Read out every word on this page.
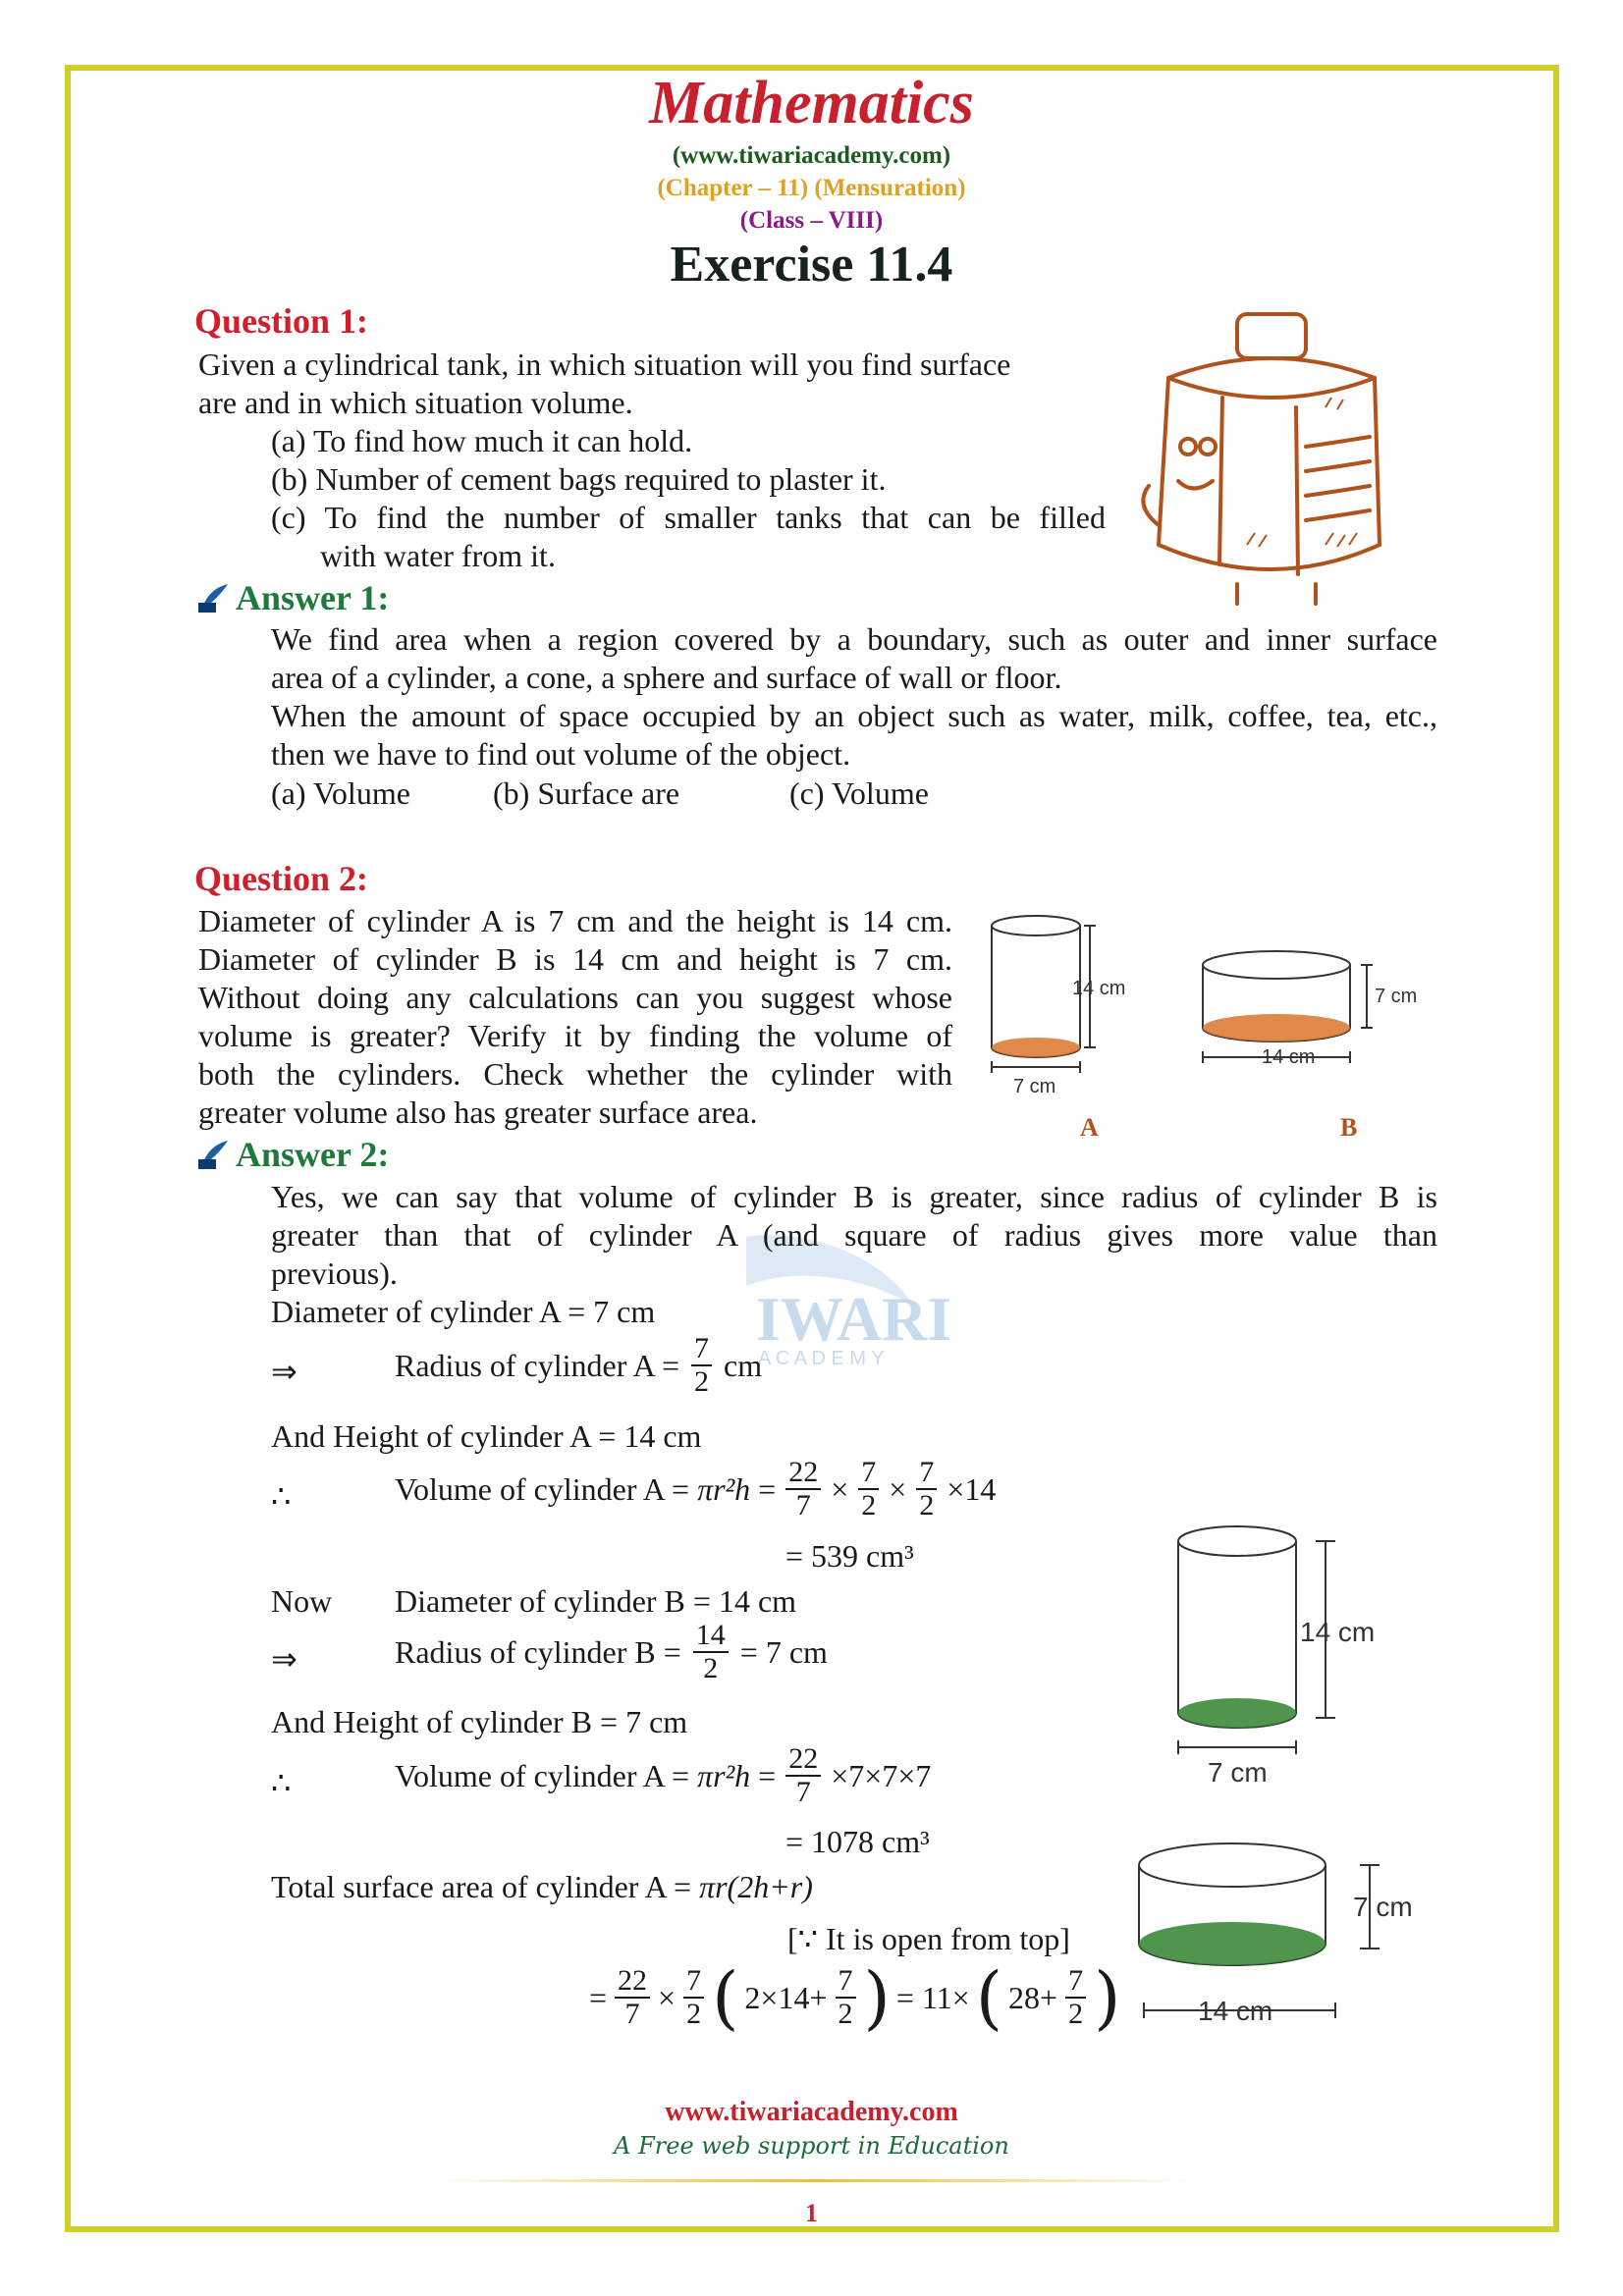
Mathematics
(www.tiwariacademy.com)
(Chapter – 11) (Mensuration)
(Class – VIII)
Exercise 11.4
IWARI
A C A D E M Y
Question 1:
Given a cylindrical tank, in which situation will you find surface
are and in which situation volume.
(a) To find how much it can hold.
(b) Number of cement bags required to plaster it.
(c) To find the number of smaller tanks that can be filled
with water from it.
Answer 1:
We find area when a region covered by a boundary, such as outer and inner surface
area of a cylinder, a cone, a sphere and surface of wall or floor.
When the amount of space occupied by an object such as water, milk, coffee, tea, etc.,
then we have to find out volume of the object.
(a) Volume	(b) Surface are	(c) Volume
Question 2:
Diameter of cylinder A is 7 cm and the height is 14 cm.
Diameter of cylinder B is 14 cm and height is 7 cm.
Without doing any calculations can you suggest whose
volume is greater? Verify it by finding the volume of
both the cylinders. Check whether the cylinder with
greater volume also has greater surface area.
14 cm
7 cm
7 cm
14 cm
A	B
Answer 2:
Yes, we can say that volume of cylinder B is greater, since radius of cylinder B is
greater than that of cylinder A (and square of radius gives more value than
previous).
Diameter of cylinder A = 7 cm
⇒	Radius of cylinder $A = \frac{7}{2}$ cm
And Height of cylinder A = 14 cm
∴	Volume of cylinder $A = \pi r^2h = \frac{22}{7} \times \frac{7}{2} \times \frac{7}{2} \times 14$
= 539 cm³
Now Diameter of cylinder B = 14 cm
⇒	Radius of cylinder $B = \frac{14}{2} = 7$ cm
And Height of cylinder B = 7 cm
∴	Volume of cylinder $A = \pi r^2h = \frac{22}{7} \times 7\times 7\times 7$
= 1078 cm³
Total surface area of cylinder A = πr(2h+r)
[∵ It is open from top]
= $\frac{22}{7} \times \frac{7}{2}$ ( $2\times 14+ \frac{7}{2}$ ) = 11× ( $28+ \frac{7}{2}$ )
14 cm
7 cm
7 cm
14 cm
www.tiwariacademy.com
A Free web support in Education
1
